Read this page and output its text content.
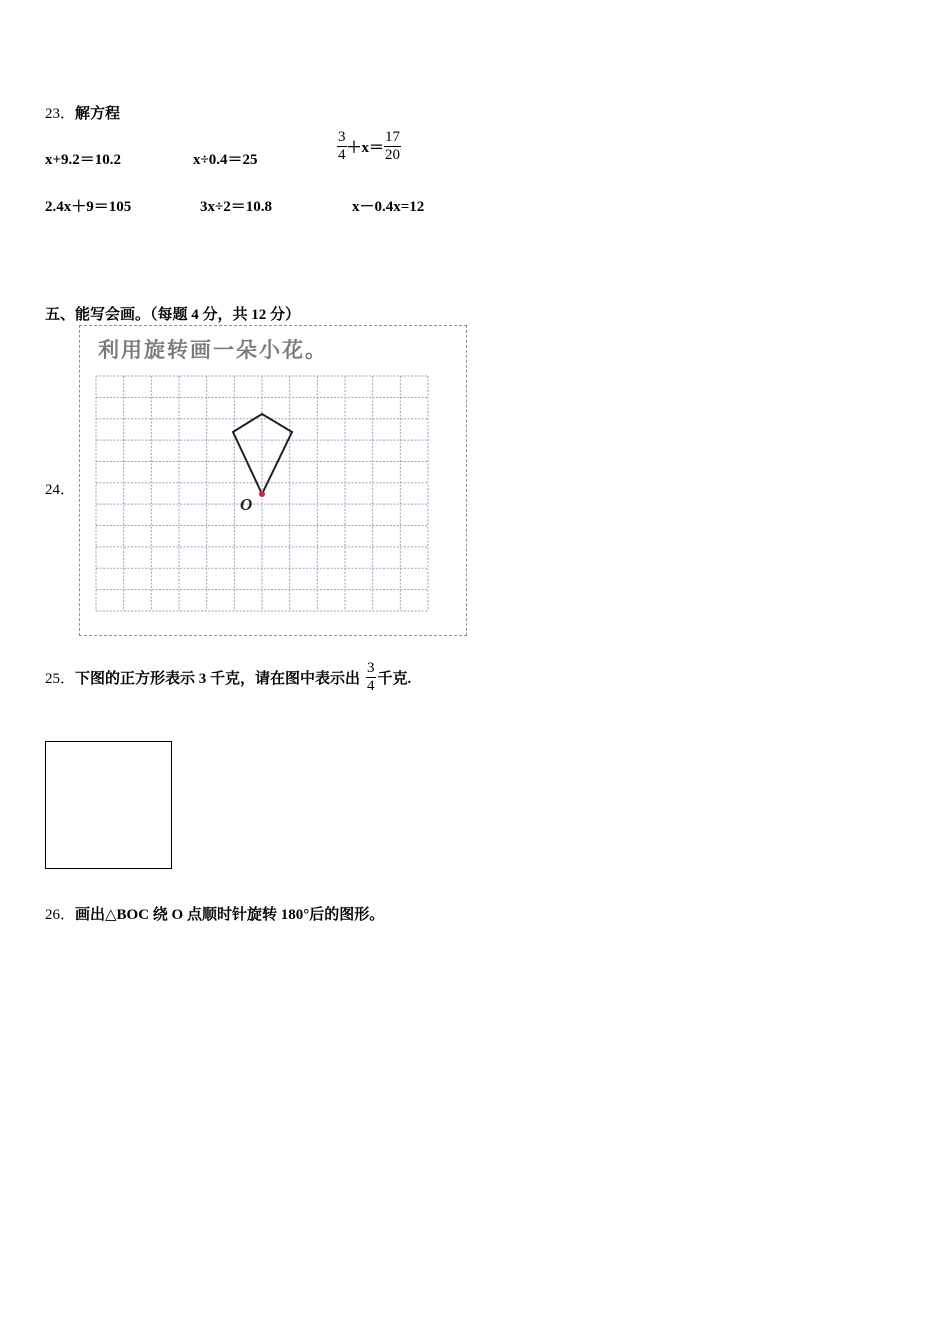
23．解方程
x+9.2＝10.2	x÷0.4＝25	$\frac{3}{4} +x= \frac{17}{20}$
2.4x＋9＝105	3x÷2＝10.8	x－0.4x=12
五、能写会画。（每题 4 分，共 12 分）
24．
利用旋转画一朵小花。
O
25．下图的正方形表示 3 千克，请在图中表示出 $\frac{3}{4}$ 千克.
26．画出△BOC 绕 O 点顺时针旋转 180°后的图形。
